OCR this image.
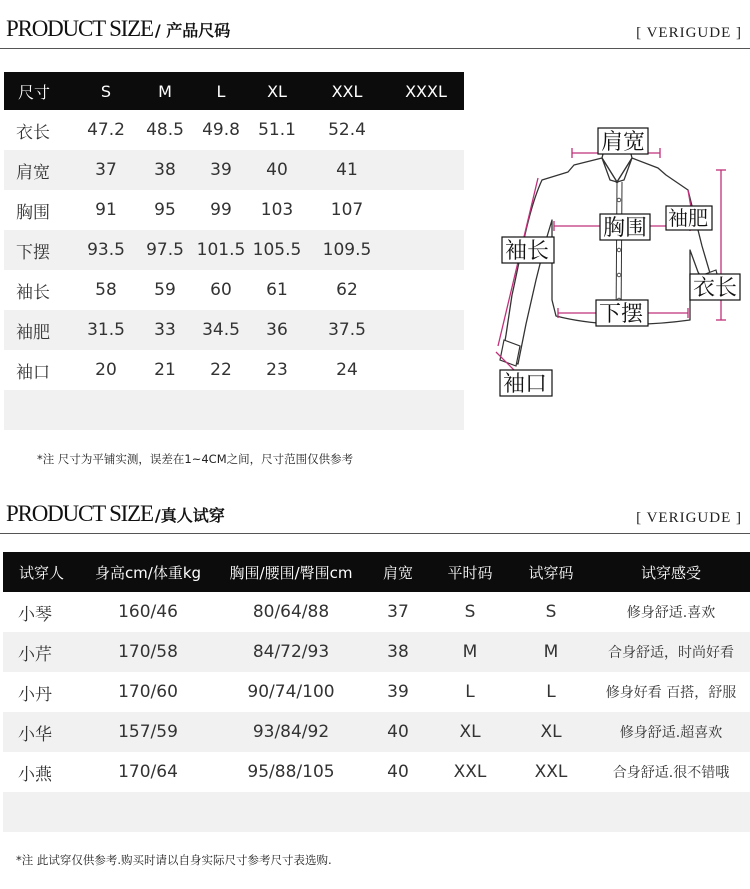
PRODUCT SIZE / 产品尺码	[ VERIGUDE ]
尺寸	S	M	L	XL	XXL	XXXL
衣长	47.2	48.5	49.8	51.1	52.4	
肩宽	37	38	39	40	41	
胸围	91	95	99	103	107	
下摆	93.5	97.5	101.5	105.5	109.5	
袖长	58	59	60	61	62	
袖肥	31.5	33	34.5	36	37.5	
袖口	20	21	22	23	24	

肩宽
胸围 袖肥
袖长
衣长
下摆
袖口
*注 尺寸为平铺实测，误差在1~4CM之间，尺寸范围仅供参考
PRODUCT SIZE /真人试穿	[ VERIGUDE ]
试穿人	身高cm/体重kg	胸围/腰围/臀围cm	肩宽	平时码	试穿码	试穿感受
小琴	160/46	80/64/88	37	S	S	修身舒适.喜欢
小芹	170/58	84/72/93	38	M	M	合身舒适，时尚好看
小丹	170/60	90/74/100	39	L	L	修身好看 百搭，舒服
小华	157/59	93/84/92	40	XL	XL	修身舒适.超喜欢
小燕	170/64	95/88/105	40	XXL	XXL	合身舒适.很不错哦

*注 此试穿仅供参考.购买时请以自身实际尺寸参考尺寸表选购.
